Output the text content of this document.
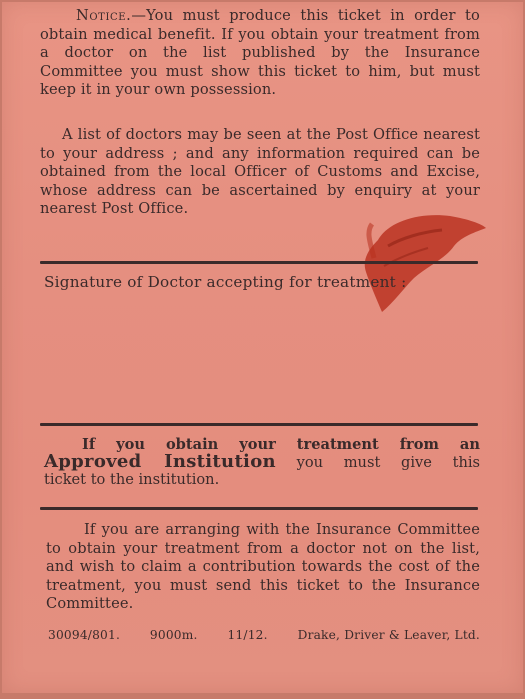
Notice.—You must produce this ticket in order to obtain medical benefit. If you obtain your treatment from a doctor on the list published by the Insurance Committee you must show this ticket to him, but must keep it in your own possession.
A list of doctors may be seen at the Post Office nearest to your address ; and any information required can be obtained from the local Officer of Customs and Excise, whose address can be ascertained by enquiry at your nearest Post Office.
Signature of Doctor accepting for treatment :
If you obtain your treatment from an
Approved Institution you must give this
ticket to the institution.
If you are arranging with the Insurance Committee to obtain your treatment from a doctor not on the list, and wish to claim a contribution towards the cost of the treatment, you must send this ticket to the Insurance Committee.
30094/801. 9000m. 11/12. Drake, Driver & Leaver, Ltd.
